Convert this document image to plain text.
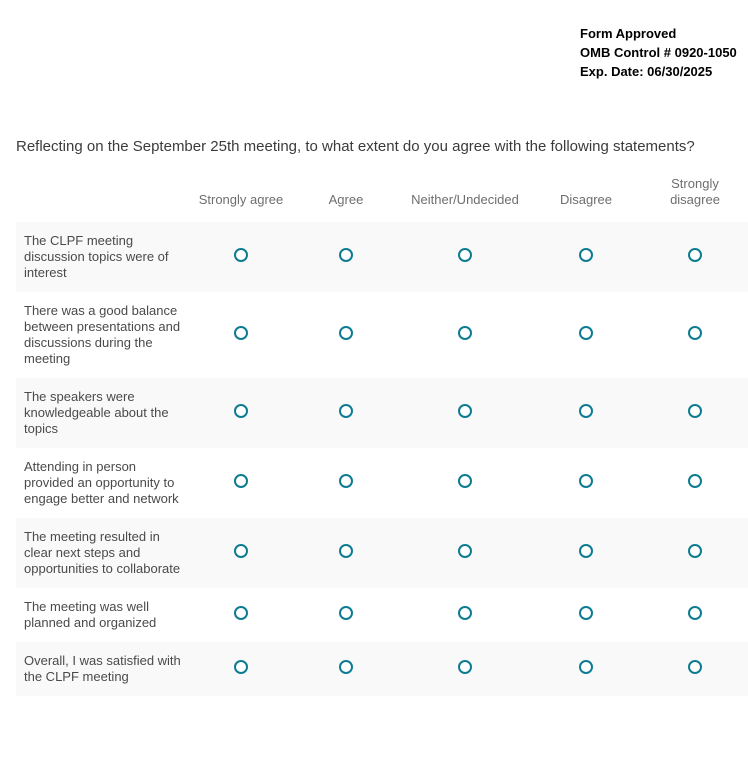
Form Approved
OMB Control # 0920-1050
Exp. Date: 06/30/2025
Reflecting on the September 25th meeting, to what extent do you agree with the following statements?
	Strongly agree	Agree	Neither/Undecided	Disagree	Strongly disagree
The CLPF meeting discussion topics were of interest					
There was a good balance between presentations and discussions during the meeting					
The speakers were knowledgeable about the topics					
Attending in person provided an opportunity to engage better and network					
The meeting resulted in clear next steps and opportunities to collaborate					
The meeting was well planned and organized					
Overall, I was satisfied with the CLPF meeting					
